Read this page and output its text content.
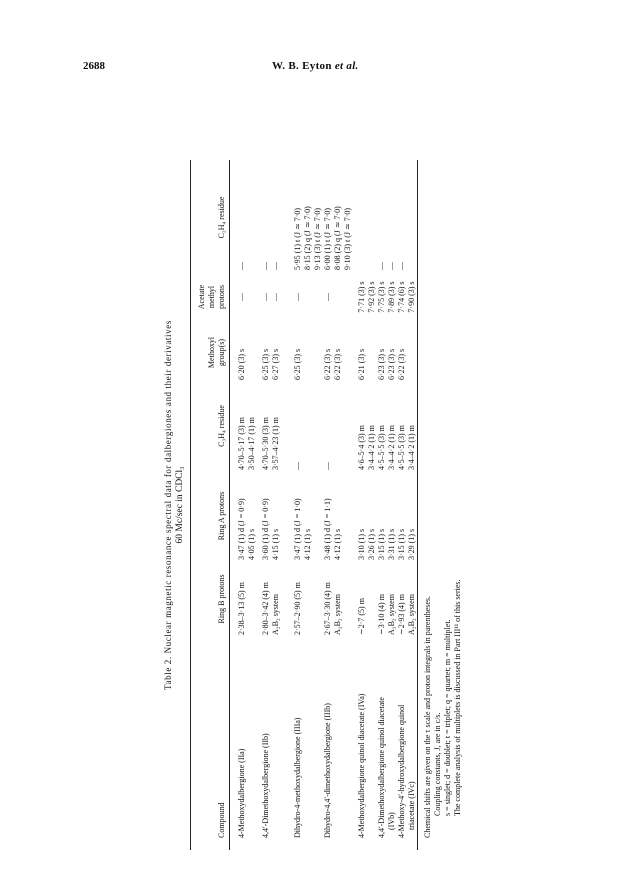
2688	W. B. Eyton et al.
Table 2. Nuclear magnetic resonance spectral data for dalbergiones and their derivatives 60 Mc/sec in CDCl₃
Compound
Ring B protons
Ring A protons
C₃H₄ residue
Methoxyl group(s)
Acetate methyl protons
C₂H₄ residue
4-Methoxydalbergione (IIa)
2·38–3·13 (5) m
3·47 (1) d (J = 0·9) 4·05 (1) s
4·70–5·17 (3) m 3·50–4·17 (1) m
6·20 (3) s
—
—
4,4′-Dimethoxydalbergione (IIb)
2·80–3·42 (4) m A₂B₂ system
3·60 (1) d (J = 0·9) 4·15 (1) s
4·70–5·30 (3) m 3·57–4·23 (1) m
6·25 (3) s 6·27 (3) s
— —
— —
Dihydro-4-methoxydalbergione (IIIa)
2·57–2·90 (5) m
3·47 (1) d (J = 1·0) 4·12 (1) s
—
6·25 (3) s
—
5·95 (1) t (J ≃ 7·0) 8·15 (2) q (J ≃ 7·0) 9·13 (3) t (J ≃ 7·0)
Dihydro-4,4′-dimethoxydalbergione (IIIb)
2·67–3·30 (4) m A₂B₂ system
3·48 (1) d (J = 1·1) 4·12 (1) s
—
6·22 (3) s 6·22 (3) s
—
6·00 (1) t (J ≃ 7·0) 8·08 (2) q (J ≃ 7·0) 9·10 (3) t (J ≃ 7·0)
4-Methoxydalbergione quinol diacetate (IVa)
∼2·7 (5) m
3·10 (1) s 3·26 (1) s
4·6–5·4 (3) m 3·4–4·2 (1) m
6·21 (3) s
7·71 (3) s 7·92 (3) s
4,4′-Dimethoxydalbergione quinol diacetate (IVb)
∼3·10 (4) m A₂B₂ system
3·15 (1) s 3·31 (1) s
4·5–5·5 (3) m 3·4–4·2 (1) m
6·23 (3) s 6·23 (3) s
7·75 (3) s 7·89 (3) s
— —
4-Methoxy-4′-hydroxydalbergione quinol triacetate (IVc)
∼2·93 (4) m A₂B₂ system
3·15 (1) s 3·29 (1) s
4·5–5·5 (3) m 3·4–4·2 (1) m
6·22 (3) s
7·74 (6) s 7·90 (3) s
—
Chemical shifts are given on the τ scale and proton integrals in parentheses. Coupling constants, J, are in c/s. s = singlet; d = doublet; t = triplet; q = quartet; m = multiplet. The complete analysis of multiplets is discussed in Part III¹¹ of this series.
